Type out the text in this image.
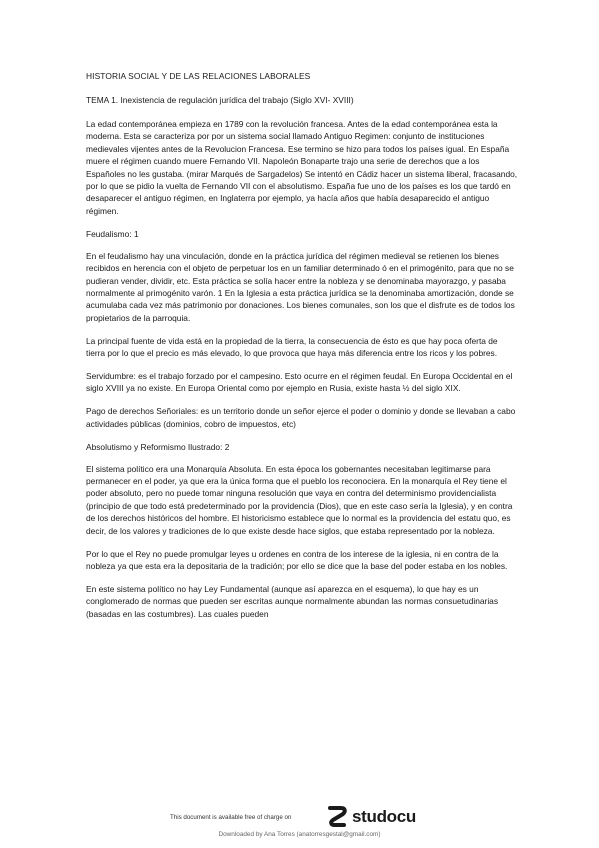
HISTORIA SOCIAL Y DE LAS RELACIONES LABORALES

TEMA 1. Inexistencia de regulación jurídica del trabajo (Siglo XVI- XVIII)

La edad contemporánea empieza en 1789 con la revolución francesa. Antes de la edad contemporánea esta la moderna. Esta se caracteriza por por un sistema social llamado Antiguo Regimen: conjunto de instituciones medievales vijentes antes de la Revolucion Francesa. Ese termino se hizo para todos los países igual. En España muere el régimen cuando muere Fernando VII. Napoleón Bonaparte trajo una serie de derechos que a los Españoles no les gustaba. (mirar Marqués de Sargadelos) Se intentó en Cádiz hacer un sistema liberal, fracasando, por lo que se pidio la vuelta de Fernando VII con el absolutismo. España fue uno de los países es los que tardó en desaparecer el antiguo régimen, en Inglaterra por ejemplo, ya hacía años que había desaparecido el antiguo régimen.

Feudalismo: 1

En el feudalismo hay una vinculación, donde en la práctica jurídica del régimen medieval se retienen los bienes recibidos en herencia con el objeto de perpetuar los en un familiar determinado ó en el primogénito, para que no se pudieran vender, dividir, etc. Esta práctica se solía hacer entre la nobleza y se denominaba mayorazgo, y pasaba normalmente al primogénito varón. 1 En la Iglesia a esta práctica jurídica se la denominaba amortización, donde se acumulaba cada vez más patrimonio por donaciones. Los bienes comunales, son los que el disfrute es de todos los propietarios de la parroquia.

La principal fuente de vida está en la propiedad de la tierra, la consecuencia de ésto es que hay poca oferta de tierra por lo que el precio es más elevado, lo que provoca que haya más diferencia entre los ricos y los pobres.

Servidumbre: es el trabajo forzado por el campesino. Esto ocurre en el régimen feudal. En Europa Occidental en el siglo XVIII ya no existe. En Europa Oriental como por ejemplo en Rusia, existe hasta ½ del siglo XIX.

Pago de derechos Señoriales: es un territorio donde un señor ejerce el poder o dominio y donde se llevaban a cabo actividades públicas (dominios, cobro de impuestos, etc)

Absolutismo y Reformismo Ilustrado: 2

El sistema político era una Monarquía Absoluta. En esta época los gobernantes necesitaban legitimarse para permanecer en el poder, ya que era la única forma que el pueblo los reconociera. En la monarquía el Rey tiene el poder absoluto, pero no puede tomar ninguna resolución que vaya en contra del determinismo providencialista (principio de que todo está predeterminado por la providencia (Dios), que en este caso sería la Iglesia), y en contra de los derechos históricos del hombre. El historicismo establece que lo normal es la providencia del estatu quo, es decir, de los valores y tradiciones de lo que existe desde hace siglos, que estaba representado por la nobleza.

Por lo que el Rey no puede promulgar leyes u ordenes en contra de los interese de la iglesia, ni en contra de la nobleza ya que esta era la depositaria de la tradición; por ello se dice que la base del poder estaba en los nobles.

En este sistema político no hay Ley Fundamental (aunque así aparezca en el esquema), lo que hay es un conglomerado de normas que pueden ser escritas aunque normalmente abundan las normas consuetudinarias (basadas en las costumbres). Las cuales pueden

This document is available free of charge on	studocu
Downloaded by Ana Torres (anatorresgestal@gmail.com)
